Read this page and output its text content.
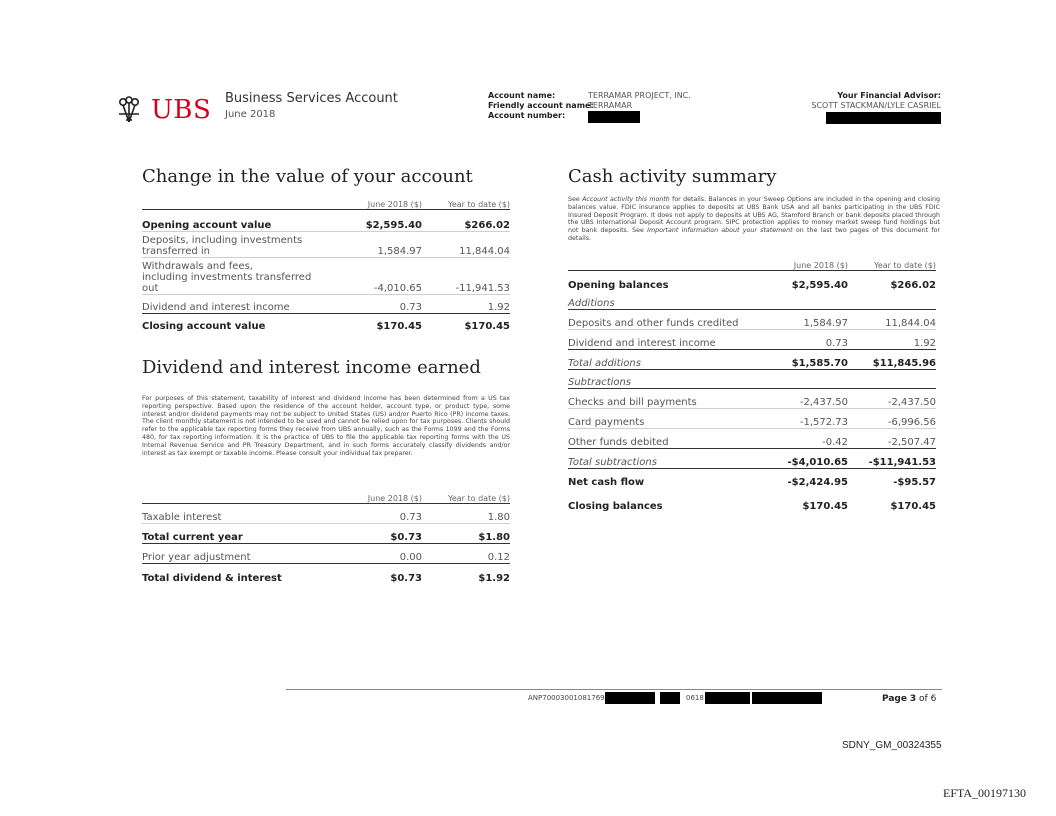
UBS Business Services Account
June 2018
Account name:
Friendly account name:
Account number:
TERRAMAR PROJECT, INC.
TERRAMAR
Your Financial Advisor:
SCOTT STACKMAN/LYLE CASRIEL
Change in the value of your account
	June 2018 ($)	Year to date ($)
Opening account value	$2,595.40	$266.02
Deposits, including investments
transferred in	1,584.97	11,844.04
Withdrawals and fees,
including investments transferred
out	-4,010.65	-11,941.53
Dividend and interest income	0.73	1.92
Closing account value	$170.45	$170.45
Dividend and interest income earned
For purposes of this statement, taxability of interest and dividend income has been determined from a US tax reporting perspective. Based upon the residence of the account holder, account type, or product type, some interest and/or dividend payments may not be subject to United States (US) and/or Puerto Rico (PR) income taxes. The client monthly statement is not intended to be used and cannot be relied upon for tax purposes. Clients should refer to the applicable tax reporting forms they receive from UBS annually, such as the Forms 1099 and the Forms 480, for tax reporting information. It is the practice of UBS to file the applicable tax reporting forms with the US Internal Revenue Service and PR Treasury Department, and in such forms accurately classify dividends and/or interest as tax exempt or taxable income. Please consult your individual tax preparer.
	June 2018 ($)	Year to date ($)
Taxable interest	0.73	1.80
Total current year	$0.73	$1.80
Prior year adjustment	0.00	0.12
Total dividend & interest	$0.73	$1.92
Cash activity summary
See Account activity this month for details. Balances in your Sweep Options are included in the opening and closing balances value. FDIC insurance applies to deposits at UBS Bank USA and all banks participating in the UBS FDIC Insured Deposit Program. It does not apply to deposits at UBS AG, Stamford Branch or bank deposits placed through the UBS International Deposit Account program. SIPC protection applies to money market sweep fund holdings but not bank deposits. See Important information about your statement on the last two pages of this document for details.
	June 2018 ($)	Year to date ($)
Opening balances	$2,595.40	$266.02
Additions		
Deposits and other funds credited	1,584.97	11,844.04
Dividend and interest income	0.73	1.92
Total additions	$1,585.70	$11,845.96
Subtractions		
Checks and bill payments	-2,437.50	-2,437.50
Card payments	-1,572.73	-6,996.56
Other funds debited	-0.42	-2,507.47
Total subtractions	-$4,010.65	-$11,941.53
Net cash flow	-$2,424.95	-$95.57
Closing balances	$170.45	$170.45
ANP70003001081769	0618	Page 3 of 6
SDNY_GM_00324355
EFTA_00197130
